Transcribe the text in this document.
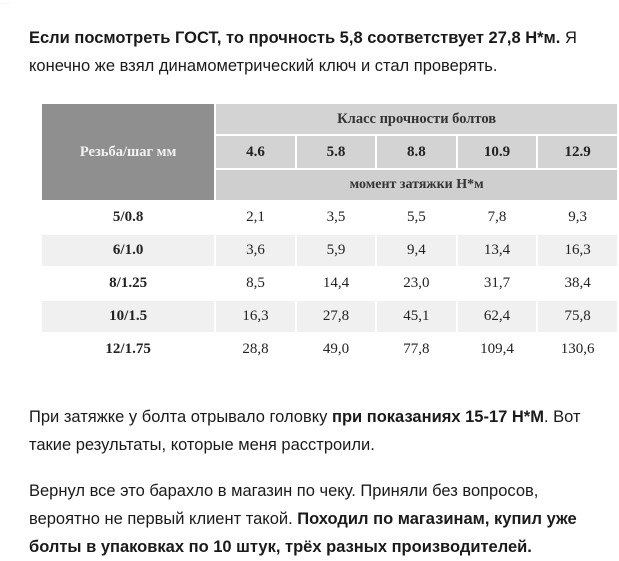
Если посмотреть ГОСТ, то прочность 5,8 соответствует 27,8 Н*м. Я конечно же взял динамометрический ключ и стал проверять.

Резьба/шаг мм	Класс прочности болтов				
	4.6	5.8	8.8	10.9	12.9
	момент затяжки Н*м				
5/0.8	2,1	3,5	5,5	7,8	9,3
6/1.0	3,6	5,9	9,4	13,4	16,3
8/1.25	8,5	14,4	23,0	31,7	38,4
10/1.5	16,3	27,8	45,1	62,4	75,8
12/1.75	28,8	49,0	77,8	109,4	130,6

При затяжке у болта отрывало головку при показаниях 15-17 Н*М. Вот такие результаты, которые меня расстроили.

Вернул все это барахло в магазин по чеку. Приняли без вопросов, вероятно не первый клиент такой. Походил по магазинам, купил уже болты в упаковках по 10 штук, трёх разных производителей.
